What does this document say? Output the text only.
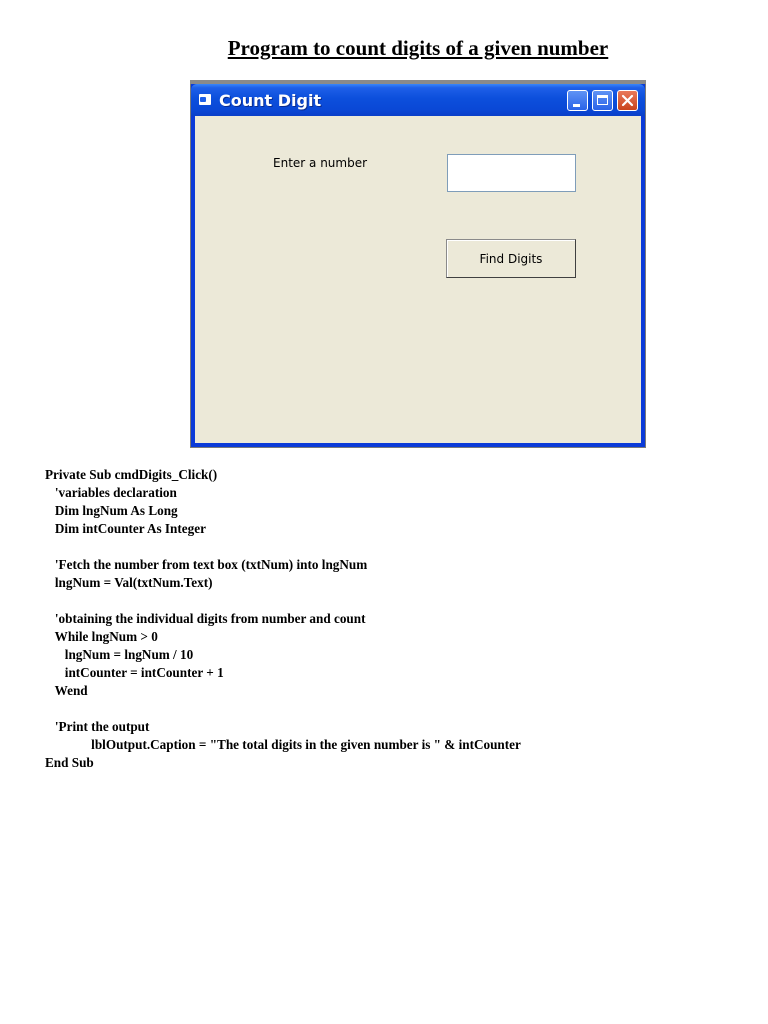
Program to count digits of a given number
Count Digit
Enter a number
Find Digits
Private Sub cmdDigits_Click()
'variables declaration
Dim lngNum As Long
Dim intCounter As Integer
'Fetch the number from text box (txtNum) into lngNum
lngNum = Val(txtNum.Text)
'obtaining the individual digits from number and count
While lngNum > 0
lngNum = lngNum / 10
intCounter = intCounter + 1
Wend
'Print the output
lblOutput.Caption = "The total digits in the given number is " & intCounter
End Sub
